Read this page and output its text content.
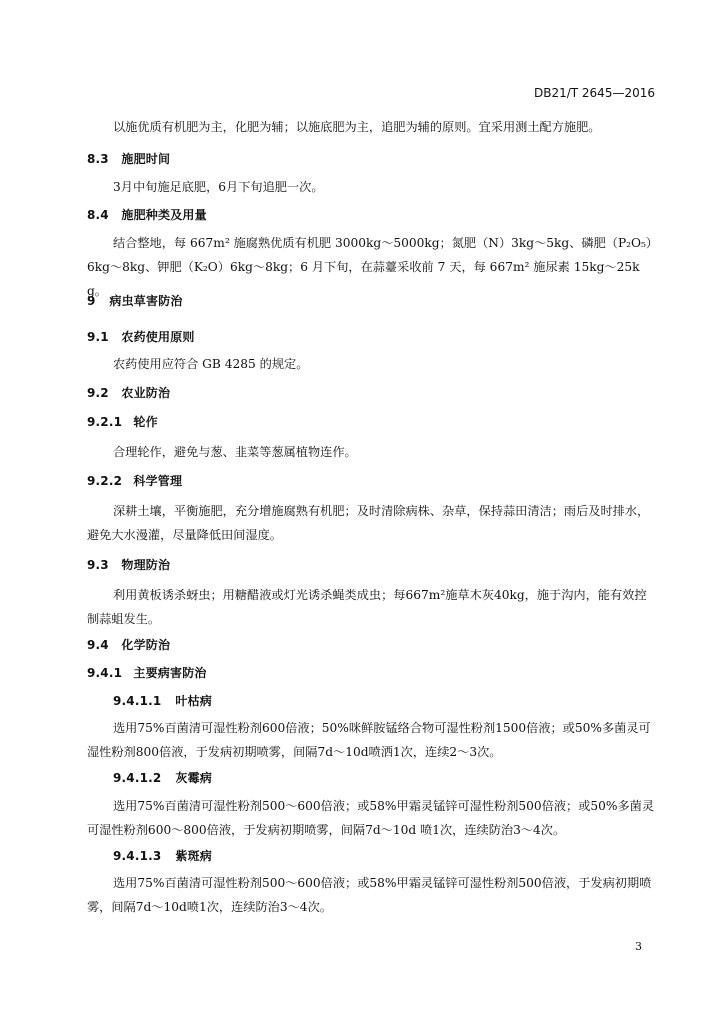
DB21/T 2645—2016
以施优质有机肥为主，化肥为辅；以施底肥为主，追肥为辅的原则。宜采用测土配方施肥。
8.3 施肥时间
3月中旬施足底肥，6月下旬追肥一次。
8.4 施肥种类及用量
结合整地，每 667m² 施腐熟优质有机肥 3000kg～5000kg；氮肥（N）3kg～5kg、磷肥（P₂O₅）6kg～8kg、钾肥（K₂O）6kg～8kg；6 月下旬，在蒜薹采收前 7 天，每 667m² 施尿素 15kg～25kg。
9 病虫草害防治
9.1 农药使用原则
农药使用应符合 GB 4285 的规定。
9.2 农业防治
9.2.1 轮作
合理轮作，避免与葱、韭菜等葱属植物连作。
9.2.2 科学管理
深耕土壤，平衡施肥，充分增施腐熟有机肥；及时清除病株、杂草，保持蒜田清洁；雨后及时排水，避免大水漫灌，尽量降低田间湿度。
9.3 物理防治
利用黄板诱杀蚜虫；用糖醋液或灯光诱杀蝇类成虫；每667m²施草木灰40kg，施于沟内，能有效控制蒜蛆发生。
9.4 化学防治
9.4.1 主要病害防治
9.4.1.1 叶枯病
选用75%百菌清可湿性粉剂600倍液；50%咪鲜胺锰络合物可湿性粉剂1500倍液；或50%多菌灵可湿性粉剂800倍液，于发病初期喷雾，间隔7d～10d喷洒1次，连续2～3次。
9.4.1.2 灰霉病
选用75%百菌清可湿性粉剂500～600倍液；或58%甲霜灵锰锌可湿性粉剂500倍液；或50%多菌灵可湿性粉剂600～800倍液，于发病初期喷雾，间隔7d～10d 喷1次，连续防治3～4次。
9.4.1.3 紫斑病
选用75%百菌清可湿性粉剂500～600倍液；或58%甲霜灵锰锌可湿性粉剂500倍液，于发病初期喷雾，间隔7d～10d喷1次，连续防治3～4次。
3
